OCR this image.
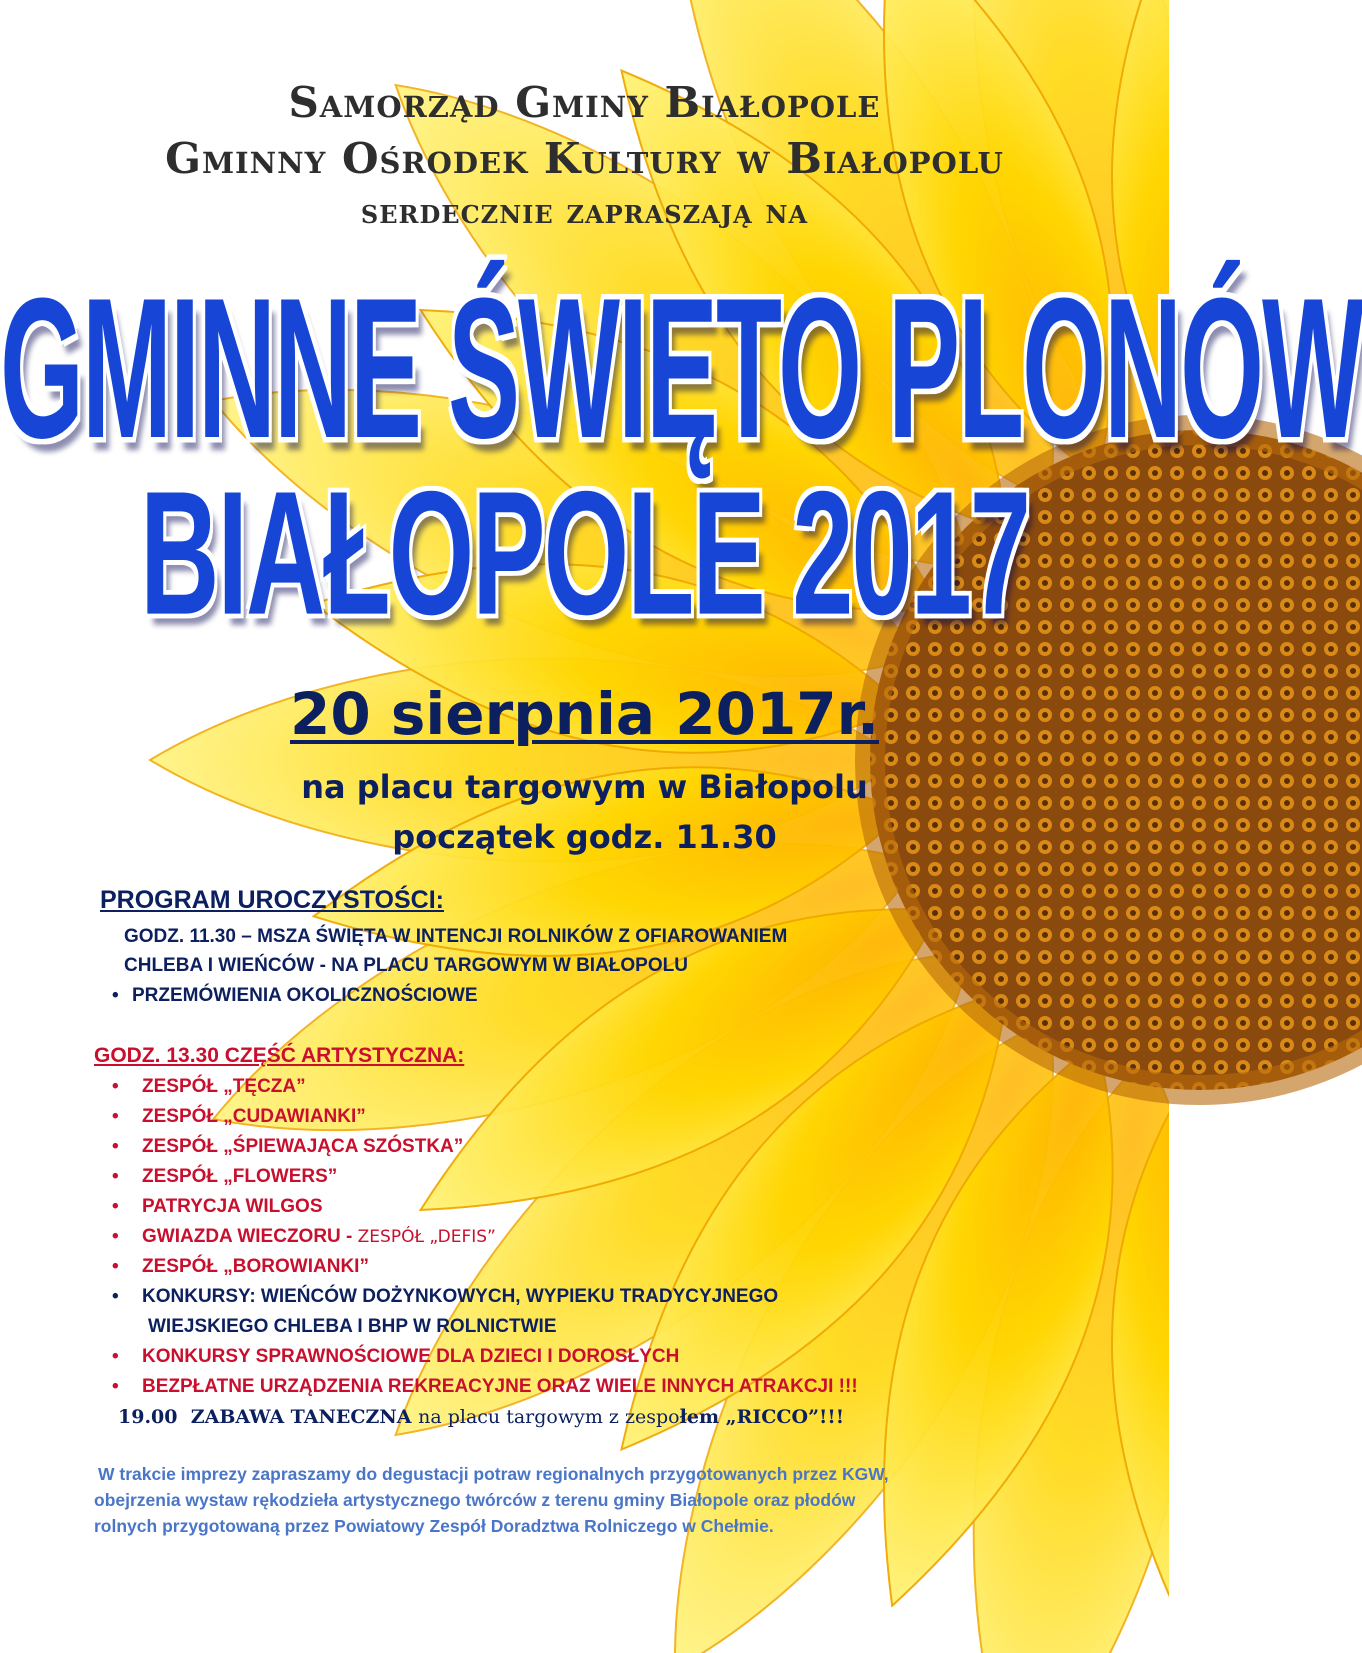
Samorząd Gminy Białopole
Gminny Ośrodek Kultury w Białopolu
serdecznie zapraszają na
GMINNE ŚWIĘTO PLONÓW
BIAŁOPOLE 2017
20 sierpnia 2017r.
na placu targowym w Białopolu
początek godz. 11.30
PROGRAM UROCZYSTOŚCI:
GODZ. 11.30 – MSZA ŚWIĘTA W INTENCJI ROLNIKÓW Z OFIAROWANIEM
CHLEBA I WIEŃCÓW - NA PLACU TARGOWYM W BIAŁOPOLU
• PRZEMÓWIENIA OKOLICZNOŚCIOWE
GODZ. 13.30 CZĘŚĆ ARTYSTYCZNA:
• ZESPÓŁ „TĘCZA”
• ZESPÓŁ „CUDAWIANKI”
• ZESPÓŁ „ŚPIEWAJĄCA SZÓSTKA”
• ZESPÓŁ „FLOWERS”
• PATRYCJA WILGOS
• GWIAZDA WIECZORU - ZESPÓŁ „DEFIS”
• ZESPÓŁ „BOROWIANKI”
• KONKURSY: WIEŃCÓW DOŻYNKOWYCH, WYPIEKU TRADYCYJNEGO
WIEJSKIEGO CHLEBA I BHP W ROLNICTWIE
• KONKURSY SPRAWNOŚCIOWE DLA DZIECI I DOROSŁYCH
• BEZPŁATNE URZĄDZENIA REKREACYJNE ORAZ WIELE INNYCH ATRAKCJI !!!
19.00 ZABAWA TANECZNA na placu targowym z zespołem „RICCO”!!!
W trakcie imprezy zapraszamy do degustacji potraw regionalnych przygotowanych przez KGW,
obejrzenia wystaw rękodzieła artystycznego twórców z terenu gminy Białopole oraz płodów
rolnych przygotowaną przez Powiatowy Zespół Doradztwa Rolniczego w Chełmie.
